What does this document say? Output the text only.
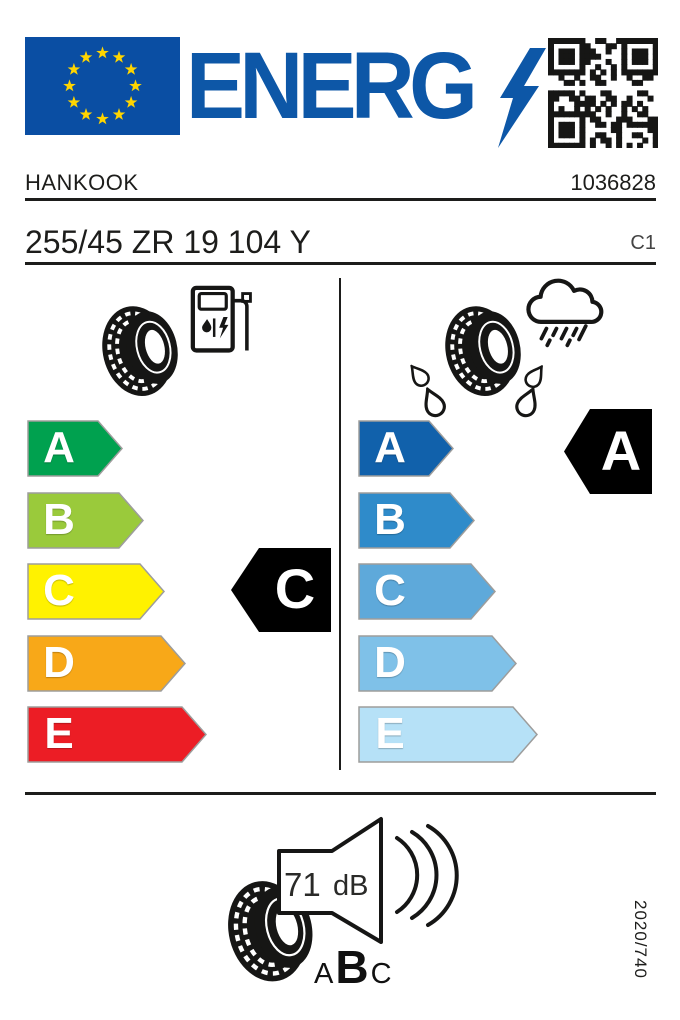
ENERG
HANKOOK	1036828
255/45 ZR 19 104 Y	C1
A
B
C
D
E
A
B
C
D
E
C
A
71 dB
A B C	2020/740
